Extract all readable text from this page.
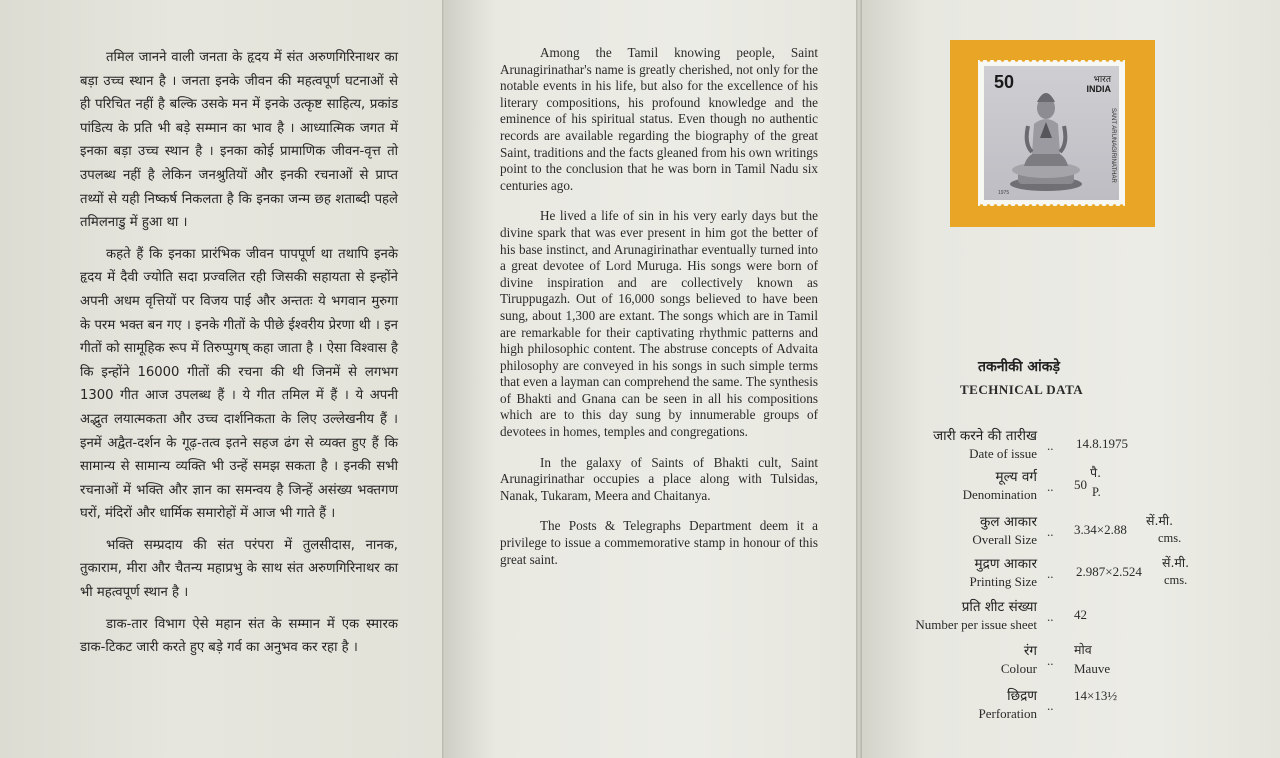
तमिल जानने वाली जनता के हृदय में संत अरुणगिरिनाथर का बड़ा उच्च स्थान है । जनता इनके जीवन की महत्वपूर्ण घटनाओं से ही परिचित नहीं है बल्कि उसके मन में इनके उत्कृष्ट साहित्य, प्रकांड पांडित्य के प्रति भी बड़े सम्मान का भाव है । आध्यात्मिक जगत में इनका बड़ा उच्च स्थान है । इनका कोई प्रामाणिक जीवन-वृत्त तो उपलब्ध नहीं है लेकिन जनश्रुतियों और इनकी रचनाओं से प्राप्त तथ्यों से यही निष्कर्ष निकलता है कि इनका जन्म छह शताब्दी पहले तमिलनाडु में हुआ था ।

कहते हैं कि इनका प्रारंभिक जीवन पापपूर्ण था तथापि इनके हृदय में दैवी ज्योति सदा प्रज्वलित रही जिसकी सहायता से इन्होंने अपनी अधम वृत्तियों पर विजय पाई और अन्ततः ये भगवान मुरुगा के परम भक्त बन गए । इनके गीतों के पीछे ईश्वरीय प्रेरणा थी । इन गीतों को सामूहिक रूप में तिरुप्पुगष् कहा जाता है । ऐसा विश्वास है कि इन्होंने 16000 गीतों की रचना की थी जिनमें से लगभग 1300 गीत आज उपलब्ध हैं । ये गीत तमिल में हैं । ये अपनी अद्भुत लयात्मकता और उच्च दार्शनिकता के लिए उल्लेखनीय हैं । इनमें अद्वैत-दर्शन के गूढ़-तत्व इतने सहज ढंग से व्यक्त हुए हैं कि सामान्य से सामान्य व्यक्ति भी उन्हें समझ सकता है । इनकी सभी रचनाओं में भक्ति और ज्ञान का समन्वय है जिन्हें असंख्य भक्तगण घरों, मंदिरों और धार्मिक समारोहों में आज भी गाते हैं ।

भक्ति सम्प्रदाय की संत परंपरा में तुलसीदास, नानक, तुकाराम, मीरा और चैतन्य महाप्रभु के साथ संत अरुणगिरिनाथर का भी महत्वपूर्ण स्थान है ।

डाक-तार विभाग ऐसे महान संत के सम्मान में एक स्मारक डाक-टिकट जारी करते हुए बड़े गर्व का अनुभव कर रहा है ।

Among the Tamil knowing people, Saint Arunagirinathar's name is greatly cherished, not only for the notable events in his life, but also for the excellence of his literary compositions, his profound knowledge and the eminence of his spiritual status. Even though no authentic records are available regarding the biography of the great Saint, traditions and the facts gleaned from his own writings point to the conclusion that he was born in Tamil Nadu six centuries ago.

He lived a life of sin in his very early days but the divine spark that was ever present in him got the better of his base instinct, and Arunagirinathar eventually turned into a great devotee of Lord Muruga. His songs were born of divine inspiration and are collectively known as Tiruppugazh. Out of 16,000 songs believed to have been sung, about 1,300 are extant. The songs which are in Tamil are remarkable for their captivating rhythmic patterns and high philosophic content. The abstruse concepts of Advaita philosophy are conveyed in his songs in such simple terms that even a layman can comprehend the same. The synthesis of Bhakti and Gnana can be seen in all his compositions which are to this day sung by innumerable groups of devotees in homes, temples and congregations.

In the galaxy of Saints of Bhakti cult, Saint Arunagirinathar occupies a place along with Tulsidas, Nanak, Tukaram, Meera and Chaitanya.

The Posts & Telegraphs Department deem it a privilege to issue a commemorative stamp in honour of this great saint.

50	भारत
INDIA
SANT ARUNAGIRINATHAR
1975
तकनीकी आंकड़े
TECHNICAL DATA
जारी करने की तारीख
Date of issue
.. 14.8.1975
मूल्य वर्ग
Denomination
.. 50
पै.
P.
कुल आकार
Overall Size
.. 3.34×2.88
सें.मी.
cms.
मुद्रण आकार
Printing Size
.. 2.987×2.524
सें.मी.
cms.
प्रति शीट संख्या
Number per issue sheet
.. 42
रंग
Colour
..
मोव
Mauve
छिद्रण
Perforation
..
14×13½
